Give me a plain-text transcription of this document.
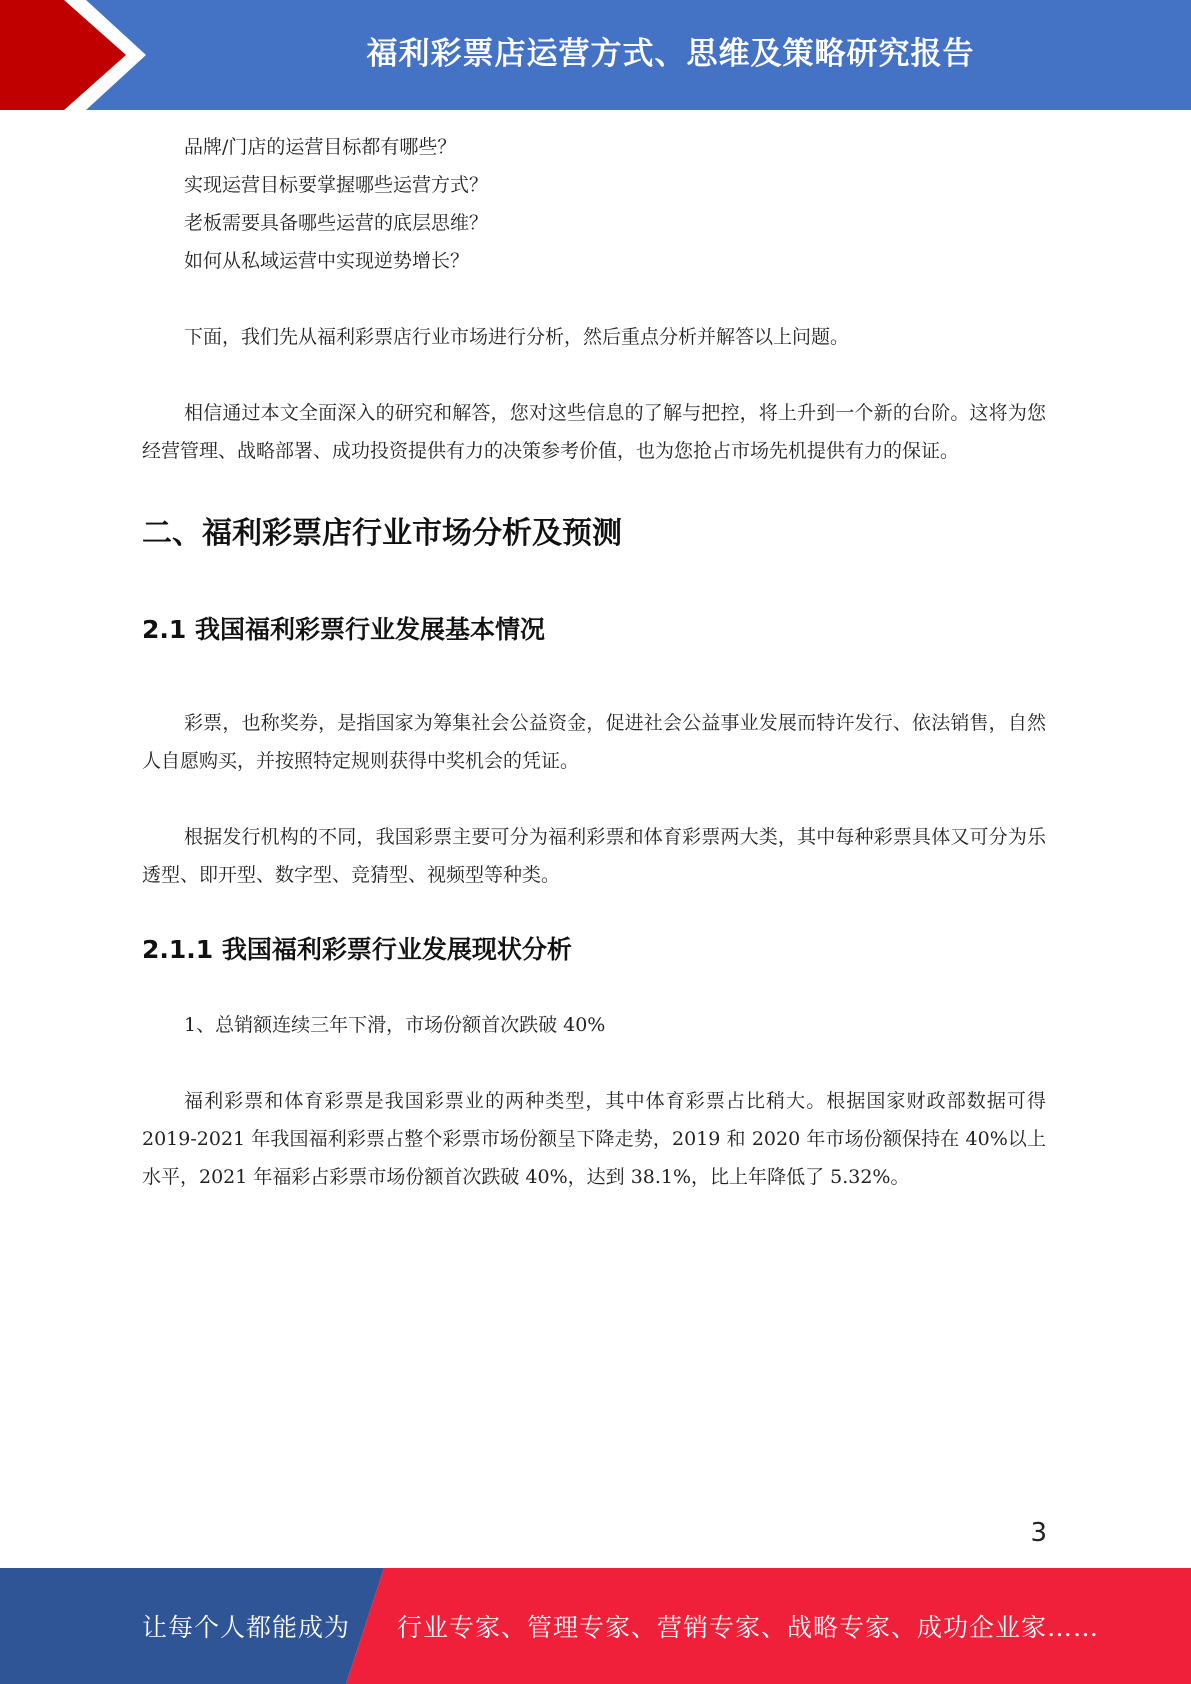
福利彩票店运营方式、思维及策略研究报告

品牌/门店的运营目标都有哪些？

实现运营目标要掌握哪些运营方式？

老板需要具备哪些运营的底层思维？

如何从私域运营中实现逆势增长？

下面，我们先从福利彩票店行业市场进行分析，然后重点分析并解答以上问题。

相信通过本文全面深入的研究和解答，您对这些信息的了解与把控，将上升到一个新的台阶。这将为您经营管理、战略部署、成功投资提供有力的决策参考价值，也为您抢占市场先机提供有力的保证。

二、福利彩票店行业市场分析及预测
2.1 我国福利彩票行业发展基本情况

彩票，也称奖券，是指国家为筹集社会公益资金，促进社会公益事业发展而特许发行、依法销售，自然人自愿购买，并按照特定规则获得中奖机会的凭证。

根据发行机构的不同，我国彩票主要可分为福利彩票和体育彩票两大类，其中每种彩票具体又可分为乐透型、即开型、数字型、竞猜型、视频型等种类。

2.1.1 我国福利彩票行业发展现状分析

1、总销额连续三年下滑，市场份额首次跌破 40%

福利彩票和体育彩票是我国彩票业的两种类型，其中体育彩票占比稍大。根据国家财政部数据可得 2019-2021 年我国福利彩票占整个彩票市场份额呈下降走势，2019 和 2020 年市场份额保持在 40%以上水平，2021 年福彩占彩票市场份额首次跌破 40%，达到 38.1%，比上年降低了 5.32%。

3
让每个人都能成为 行业专家、管理专家、营销专家、战略专家、成功企业家……
